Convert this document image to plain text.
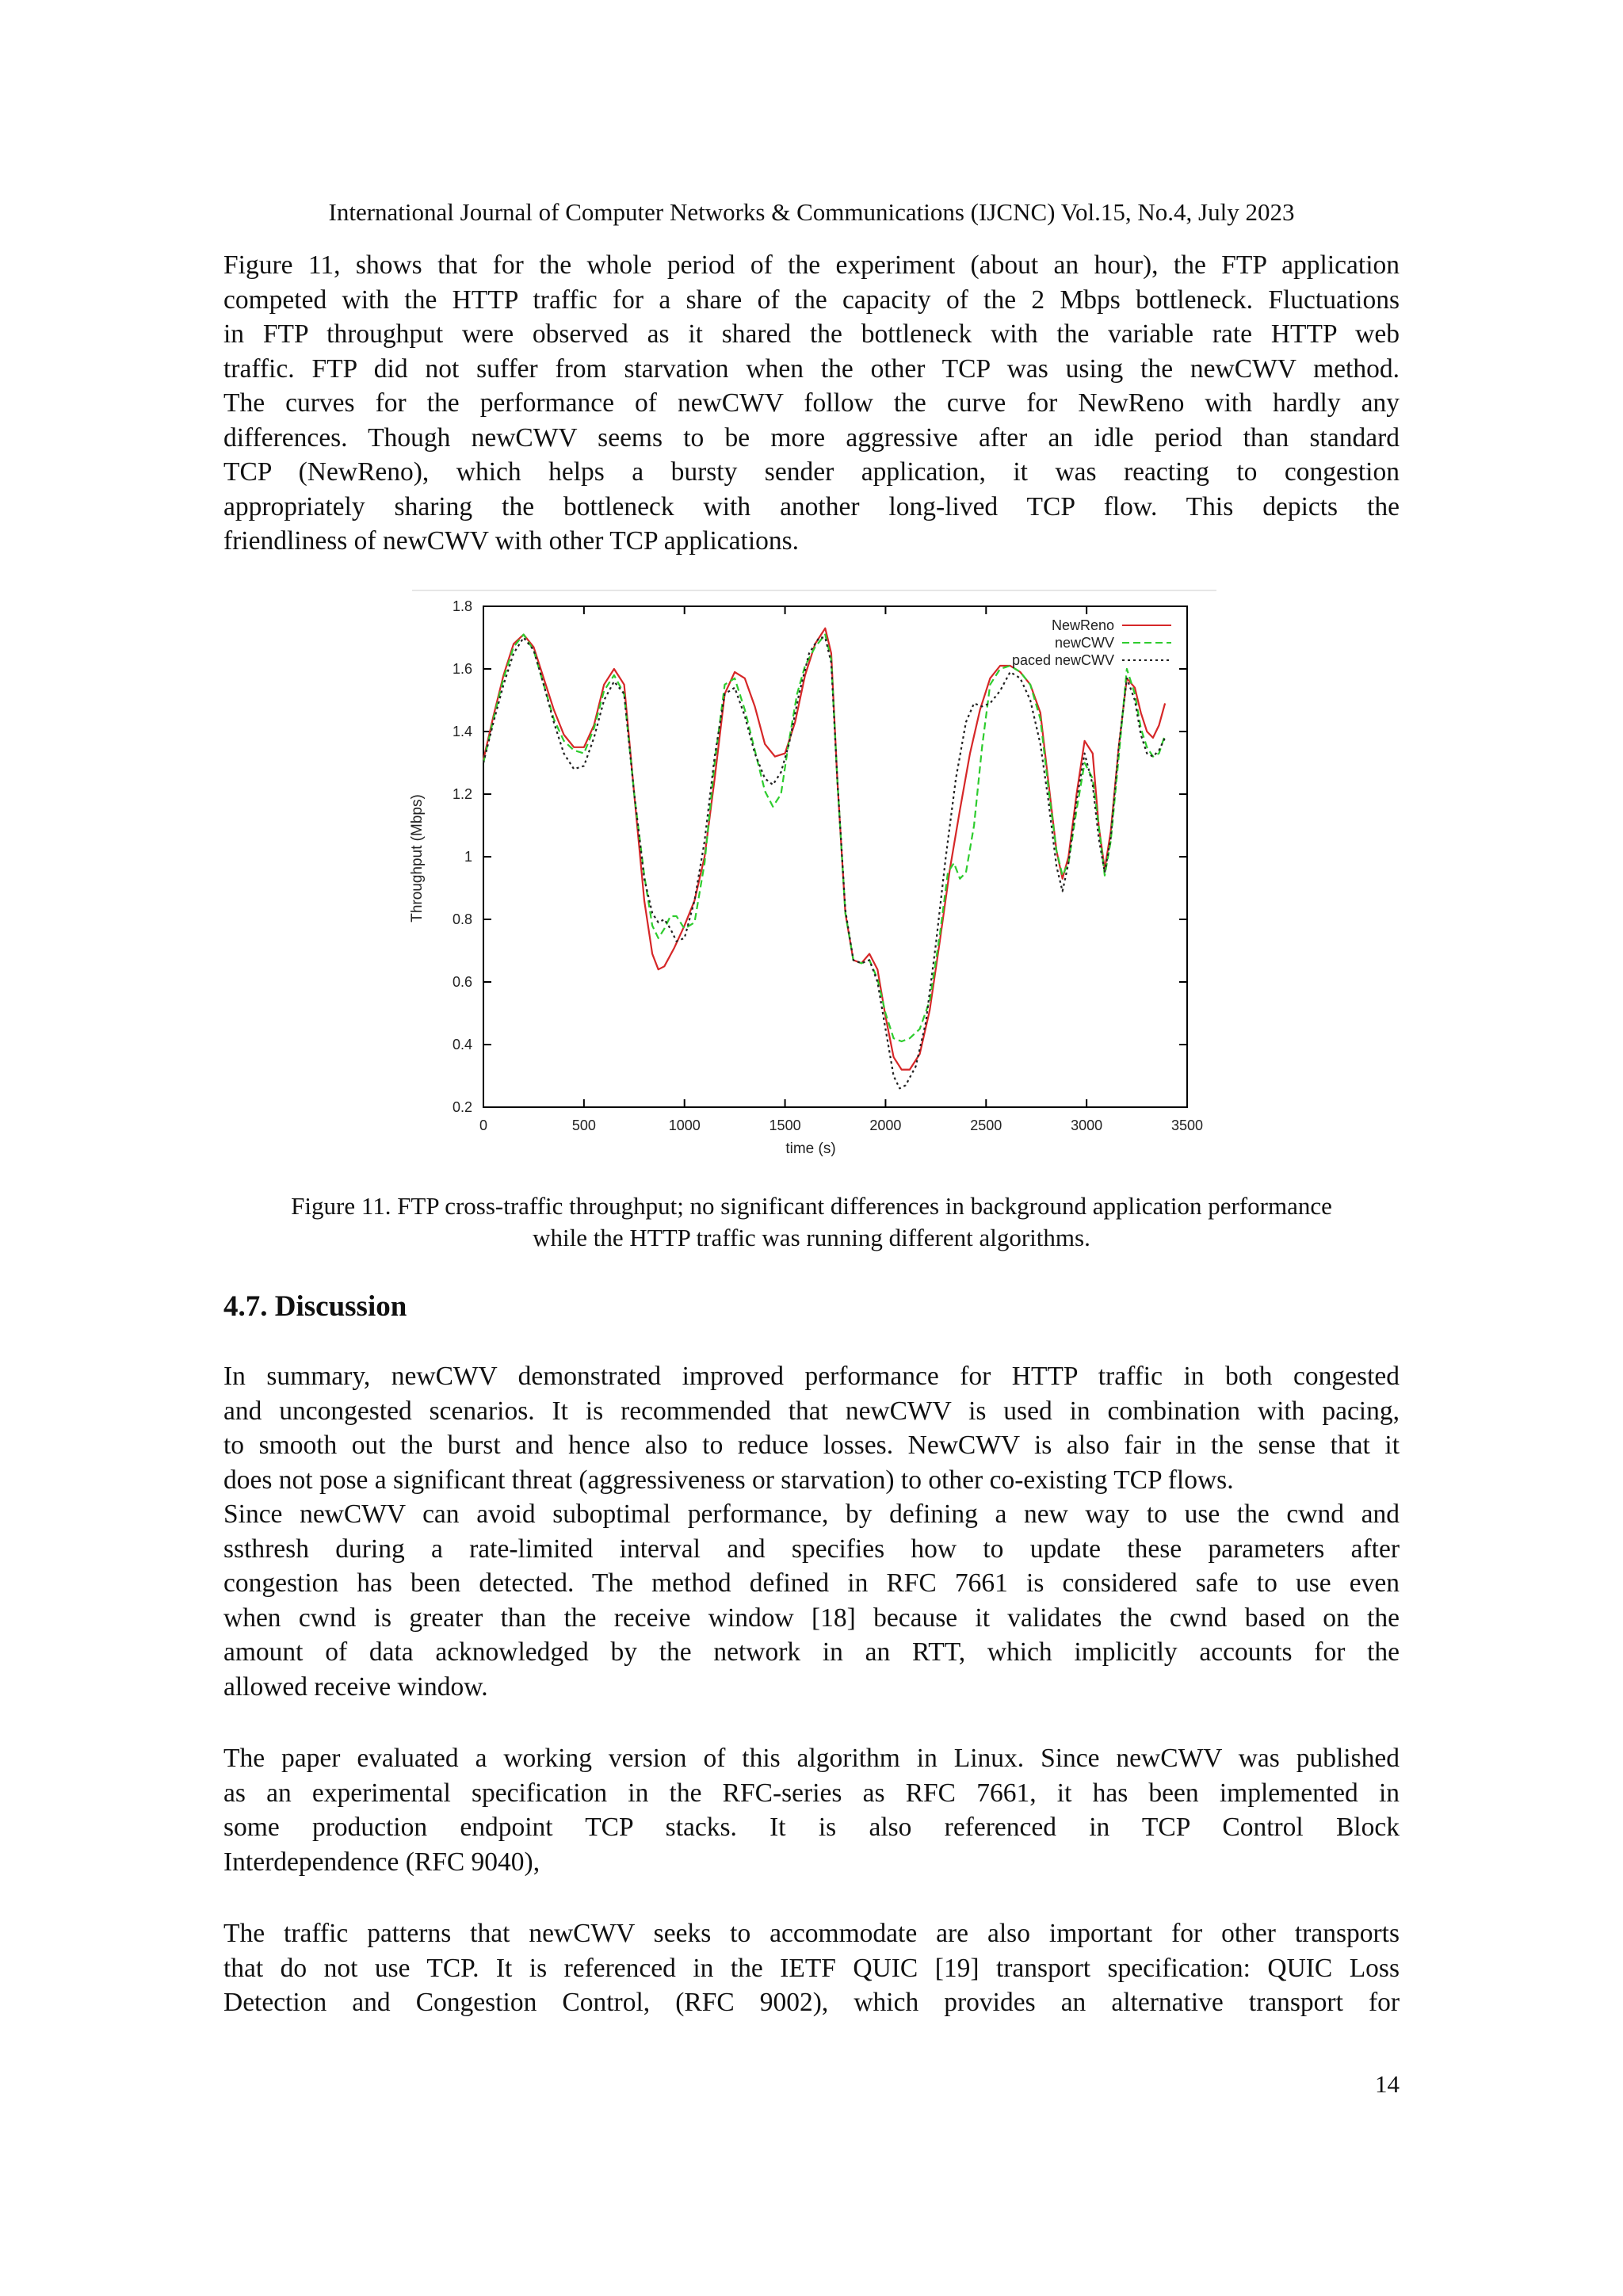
International Journal of Computer Networks & Communications (IJCNC) Vol.15, No.4, July 2023
Figure 11, shows that for the whole period of the experiment (about an hour), the FTP application
competed with the HTTP traffic for a share of the capacity of the 2 Mbps bottleneck. Fluctuations
in FTP throughput were observed as it shared the bottleneck with the variable rate HTTP web
traffic. FTP did not suffer from starvation when the other TCP was using the newCWV method.
The curves for the performance of newCWV follow the curve for NewReno with hardly any
differences. Though newCWV seems to be more aggressive after an idle period than standard
TCP (NewReno), which helps a bursty sender application, it was reacting to congestion
appropriately sharing the bottleneck with another long-lived TCP flow. This depicts the
friendliness of newCWV with other TCP applications.
0	500	1000	1500	2000	2500	3000	3500
0.2
0.4
0.6
0.8
1
1.2
1.4
1.6
1.8
time (s)
Throughput (Mbps)
NewReno
newCWV
paced newCWV
Figure 11. FTP cross-traffic throughput; no significant differences in background application performance
while the HTTP traffic was running different algorithms.
4.7. Discussion
In summary, newCWV demonstrated improved performance for HTTP traffic in both congested
and uncongested scenarios. It is recommended that newCWV is used in combination with pacing,
to smooth out the burst and hence also to reduce losses. NewCWV is also fair in the sense that it
does not pose a significant threat (aggressiveness or starvation) to other co-existing TCP flows.
Since newCWV can avoid suboptimal performance, by defining a new way to use the cwnd and
ssthresh during a rate-limited interval and specifies how to update these parameters after
congestion has been detected. The method defined in RFC 7661 is considered safe to use even
when cwnd is greater than the receive window [18] because it validates the cwnd based on the
amount of data acknowledged by the network in an RTT, which implicitly accounts for the
allowed receive window.
The paper evaluated a working version of this algorithm in Linux. Since newCWV was published
as an experimental specification in the RFC-series as RFC 7661, it has been implemented in
some production endpoint TCP stacks. It is also referenced in TCP Control Block
Interdependence (RFC 9040),
The traffic patterns that newCWV seeks to accommodate are also important for other transports
that do not use TCP. It is referenced in the IETF QUIC [19] transport specification: QUIC Loss
Detection and Congestion Control, (RFC 9002), which provides an alternative transport for
14
